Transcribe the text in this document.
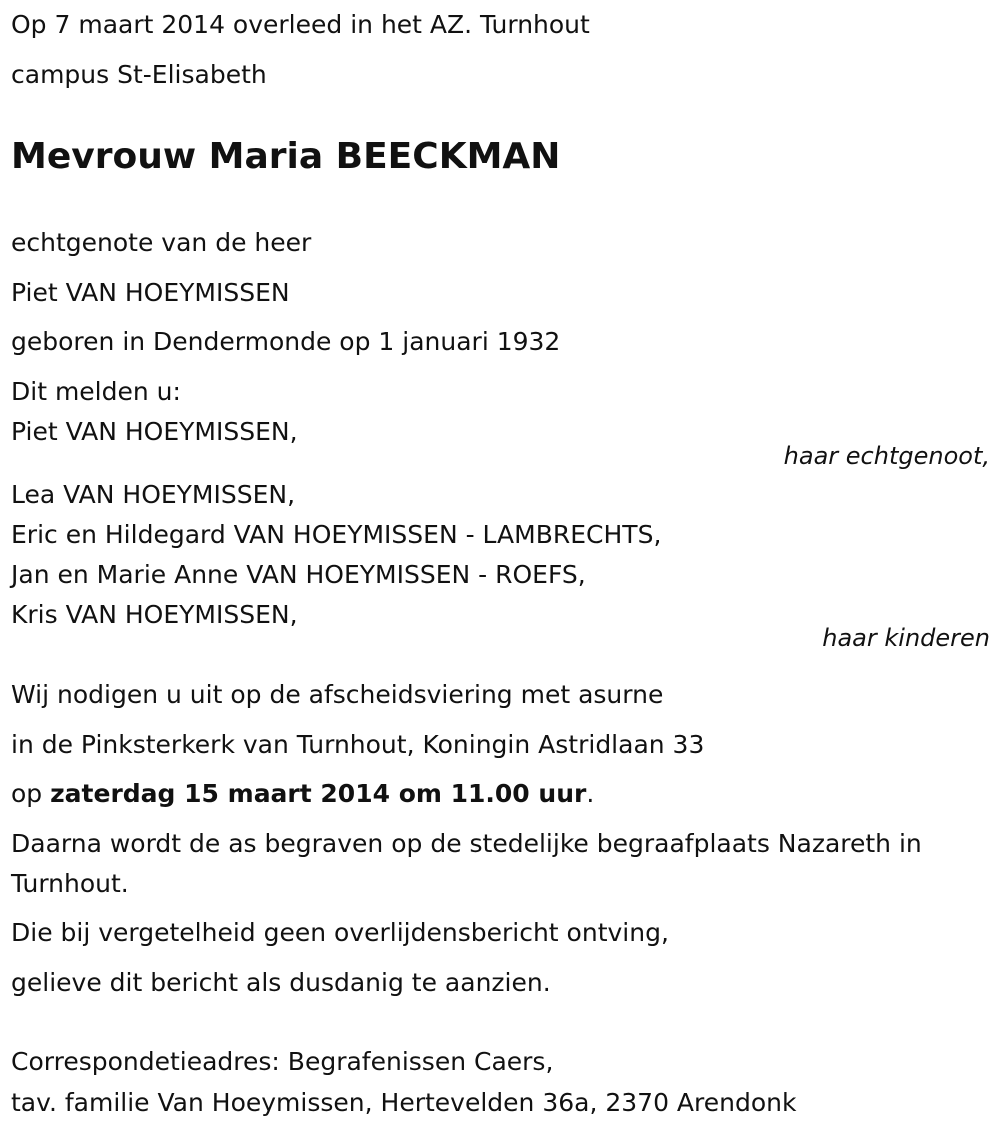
Op 7 maart 2014 overleed in het AZ. Turnhout
campus St-Elisabeth
Mevrouw Maria BEECKMAN
echtgenote van de heer
Piet VAN HOEYMISSEN
geboren in Dendermonde op 1 januari 1932
Dit melden u:
Piet VAN HOEYMISSEN,
haar echtgenoot,
Lea VAN HOEYMISSEN,
Eric en Hildegard VAN HOEYMISSEN - LAMBRECHTS,
Jan en Marie Anne VAN HOEYMISSEN - ROEFS,
Kris VAN HOEYMISSEN,
haar kinderen
Wij nodigen u uit op de afscheidsviering met asurne
in de Pinksterkerk van Turnhout, Koningin Astridlaan 33
op zaterdag 15 maart 2014 om 11.00 uur.
Daarna wordt de as begraven op de stedelijke begraafplaats Nazareth in
Turnhout.
Die bij vergetelheid geen overlijdensbericht ontving,
gelieve dit bericht als dusdanig te aanzien.
Correspondetieadres: Begrafenissen Caers,
tav. familie Van Hoeymissen, Hertevelden 36a, 2370 Arendonk
